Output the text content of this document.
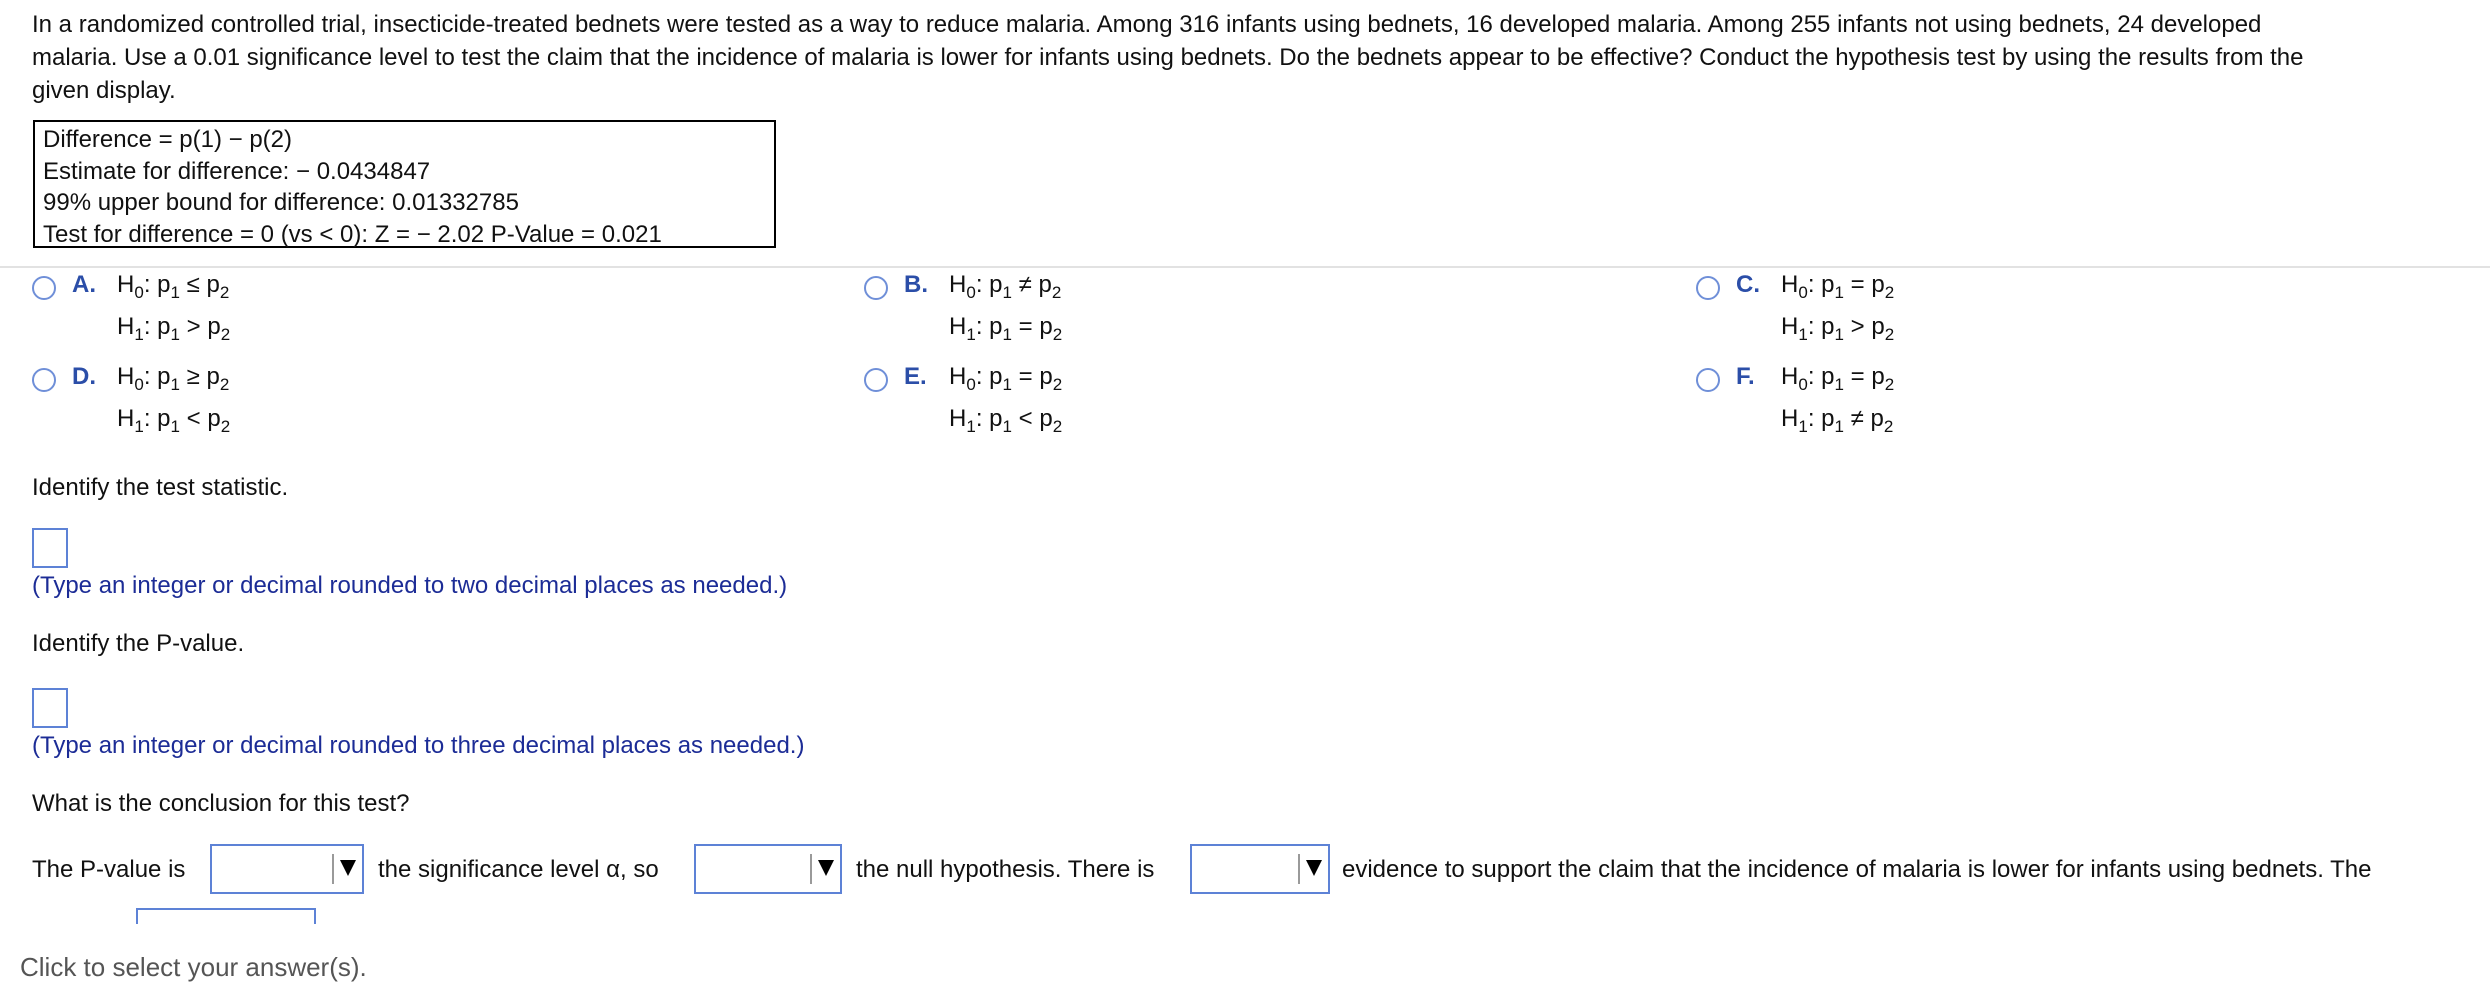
In a randomized controlled trial, insecticide-treated bednets were tested as a way to reduce malaria. Among 316 infants using bednets, 16 developed malaria. Among 255 infants not using bednets, 24 developed
malaria. Use a 0.01 significance level to test the claim that the incidence of malaria is lower for infants using bednets. Do the bednets appear to be effective? Conduct the hypothesis test by using the results from the
given display.
Difference = p(1) − p(2)
Estimate for difference: − 0.0434847
99% upper bound for difference: 0.01332785
Test for difference = 0 (vs < 0): Z = − 2.02 P-Value = 0.021
A. $H_0$: $p_1 \le p_2$
$H_1$: $p_1 > p_2$
B. $H_0$: $p_1 \ne p_2$
$H_1$: $p_1 = p_2$
C. $H_0$: $p_1 = p_2$
$H_1$: $p_1 > p_2$
D. $H_0$: $p_1 \ge p_2$
$H_1$: $p_1 < p_2$
E. $H_0$: $p_1 = p_2$
$H_1$: $p_1 < p_2$
F. $H_0$: $p_1 = p_2$
$H_1$: $p_1 \ne p_2$
Identify the test statistic.
(Type an integer or decimal rounded to two decimal places as needed.)
Identify the P-value.
(Type an integer or decimal rounded to three decimal places as needed.)
What is the conclusion for this test?
The P-value is	the significance level α, so	the null hypothesis. There is	evidence to support the claim that the incidence of malaria is lower for infants using bednets. The
Click to select your answer(s).
